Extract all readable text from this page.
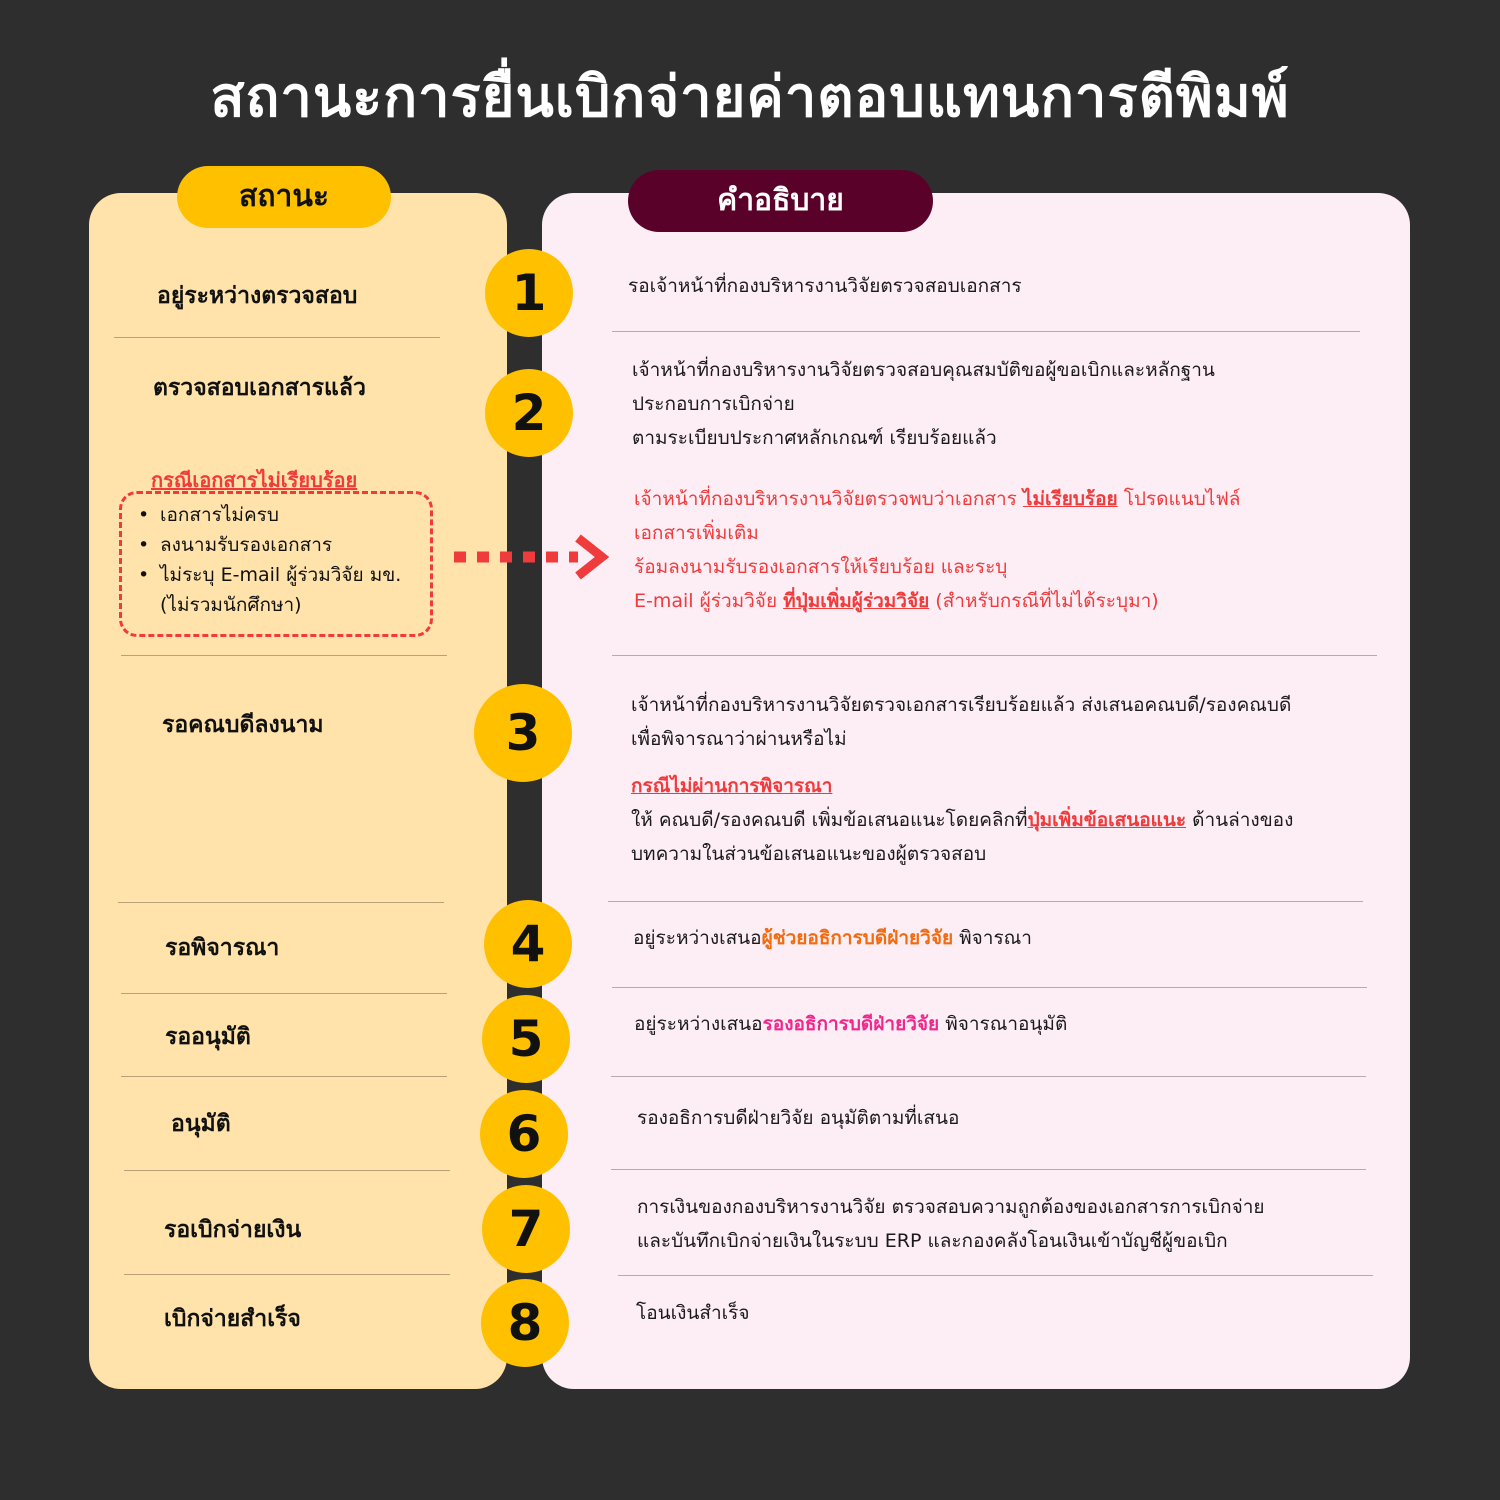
สถานะการยื่นเบิกจ่ายค่าตอบแทนการตีพิมพ์
สถานะ	คำอธิบาย
อยู่ระหว่างตรวจสอบ
ตรวจสอบเอกสารแล้ว
รอคณบดีลงนาม
รอพิจารณา
รออนุมัติ
อนุมัติ
รอเบิกจ่ายเงิน
เบิกจ่ายสำเร็จ
1
2
3
4
5
6
7
8
กรณีเอกสารไม่เรียบร้อย
• เอกสารไม่ครบ
• ลงนามรับรองเอกสาร
• ไม่ระบุ E-mail ผู้ร่วมวิจัย มข.
(ไม่รวมนักศึกษา)
รอเจ้าหน้าที่กองบริหารงานวิจัยตรวจสอบเอกสาร
เจ้าหน้าที่กองบริหารงานวิจัยตรวจสอบคุณสมบัติขอผู้ขอเบิกและหลักฐาน
ประกอบการเบิกจ่าย
ตามระเบียบประกาศหลักเกณฑ์ เรียบร้อยแล้ว
เจ้าหน้าที่กองบริหารงานวิจัยตรวจพบว่าเอกสาร ไม่เรียบร้อย โปรดแนบไฟล์
เอกสารเพิ่มเติม
ร้อมลงนามรับรองเอกสารให้เรียบร้อย และระบุ
E-mail ผู้ร่วมวิจัย ที่ปุ่มเพิ่มผู้ร่วมวิจัย (สำหรับกรณีที่ไม่ได้ระบุมา)
เจ้าหน้าที่กองบริหารงานวิจัยตรวจเอกสารเรียบร้อยแล้ว ส่งเสนอคณบดี/รองคณบดี
เพื่อพิจารณาว่าผ่านหรือไม่
กรณีไม่ผ่านการพิจารณา
ให้ คณบดี/รองคณบดี เพิ่มข้อเสนอแนะโดยคลิกที่ปุ่มเพิ่มข้อเสนอแนะ ด้านล่างของ
บทความในส่วนข้อเสนอแนะของผู้ตรวจสอบ
อยู่ระหว่างเสนอผู้ช่วยอธิการบดีฝ่ายวิจัย พิจารณา
อยู่ระหว่างเสนอรองอธิการบดีฝ่ายวิจัย พิจารณาอนุมัติ
รองอธิการบดีฝ่ายวิจัย อนุมัติตามที่เสนอ
การเงินของกองบริหารงานวิจัย ตรวจสอบความถูกต้องของเอกสารการเบิกจ่าย
และบันทึกเบิกจ่ายเงินในระบบ ERP และกองคลังโอนเงินเข้าบัญชีผู้ขอเบิก
โอนเงินสำเร็จ
